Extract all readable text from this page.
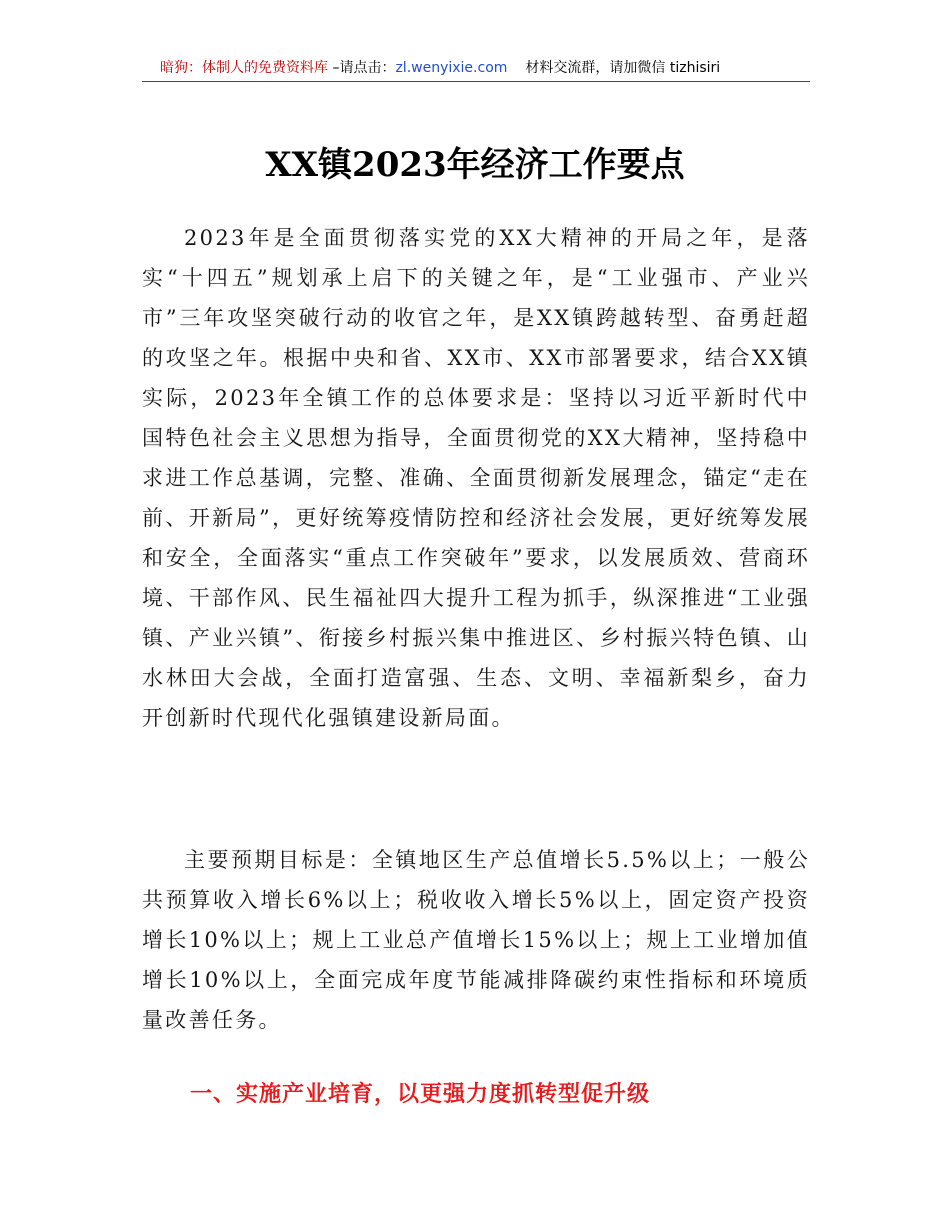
暗狗：体制人的免费资料库 –请点击：zl.wenyixie.com 材料交流群，请加微信 tizhisiri
XX镇2023年经济工作要点

2023年是全面贯彻落实党的XX大精神的开局之年，是落实“十四五”规划承上启下的关键之年，是“工业强市、产业兴市”三年攻坚突破行动的收官之年，是XX镇跨越转型、奋勇赶超的攻坚之年。根据中央和省、XX市、XX市部署要求，结合XX镇实际，2023年全镇工作的总体要求是：坚持以习近平新时代中国特色社会主义思想为指导，全面贯彻党的XX大精神，坚持稳中求进工作总基调，完整、准确、全面贯彻新发展理念，锚定“走在前、开新局”，更好统筹疫情防控和经济社会发展，更好统筹发展和安全，全面落实“重点工作突破年”要求，以发展质效、营商环境、干部作风、民生福祉四大提升工程为抓手，纵深推进“工业强镇、产业兴镇”、衔接乡村振兴集中推进区、乡村振兴特色镇、山水林田大会战，全面打造富强、生态、文明、幸福新梨乡，奋力开创新时代现代化强镇建设新局面。

主要预期目标是：全镇地区生产总值增长5.5%以上；一般公共预算收入增长6%以上；税收收入增长5%以上，固定资产投资增长10%以上；规上工业总产值增长15%以上；规上工业增加值增长10%以上，全面完成年度节能减排降碳约束性指标和环境质量改善任务。

一、实施产业培育，以更强力度抓转型促升级
